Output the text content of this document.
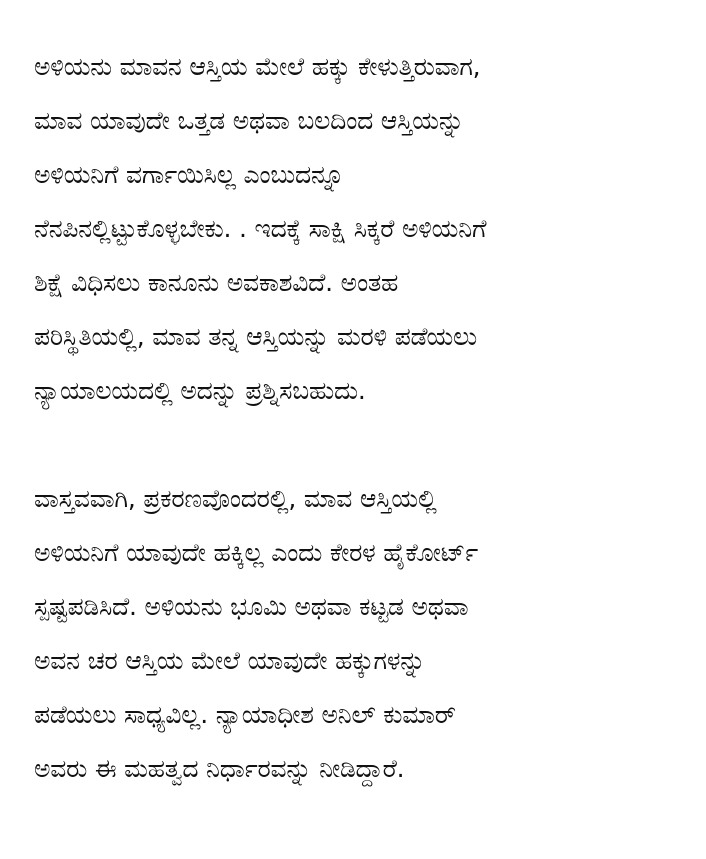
ಅಳಿಯನು ಮಾವನ ಆಸ್ತಿಯ ಮೇಲೆ ಹಕ್ಕು ಕೇಳುತ್ತಿರುವಾಗ,
ಮಾವ ಯಾವುದೇ ಒತ್ತಡ ಅಥವಾ ಬಲದಿಂದ ಆಸ್ತಿಯನ್ನು
ಅಳಿಯನಿಗೆ ವರ್ಗಾಯಿಸಿಲ್ಲ ಎಂಬುದನ್ನೂ
ನೆನಪಿನಲ್ಲಿಟ್ಟುಕೊಳ್ಳಬೇಕು. . ಇದಕ್ಕೆ ಸಾಕ್ಷಿ ಸಿಕ್ಕರೆ ಅಳಿಯನಿಗೆ
ಶಿಕ್ಷೆ ವಿಧಿಸಲು ಕಾನೂನು ಅವಕಾಶವಿದೆ. ಅಂತಹ
ಪರಿಸ್ಥಿತಿಯಲ್ಲಿ, ಮಾವ ತನ್ನ ಆಸ್ತಿಯನ್ನು ಮರಳಿ ಪಡೆಯಲು
ನ್ಯಾಯಾಲಯದಲ್ಲಿ ಅದನ್ನು ಪ್ರಶ್ನಿಸಬಹುದು.

ವಾಸ್ತವವಾಗಿ, ಪ್ರಕರಣವೊಂದರಲ್ಲಿ, ಮಾವ ಆಸ್ತಿಯಲ್ಲಿ
ಅಳಿಯನಿಗೆ ಯಾವುದೇ ಹಕ್ಕಿಲ್ಲ ಎಂದು ಕೇರಳ ಹೈಕೋರ್ಟ್
ಸ್ಪಷ್ಟಪಡಿಸಿದೆ. ಅಳಿಯನು ಭೂಮಿ ಅಥವಾ ಕಟ್ಟಡ ಅಥವಾ
ಅವನ ಚರ ಆಸ್ತಿಯ ಮೇಲೆ ಯಾವುದೇ ಹಕ್ಕುಗಳನ್ನು
ಪಡೆಯಲು ಸಾಧ್ಯವಿಲ್ಲ. ನ್ಯಾಯಾಧೀಶ ಅನಿಲ್ ಕುಮಾರ್
ಅವರು ಈ ಮಹತ್ವದ ನಿರ್ಧಾರವನ್ನು ನೀಡಿದ್ದಾರೆ.
